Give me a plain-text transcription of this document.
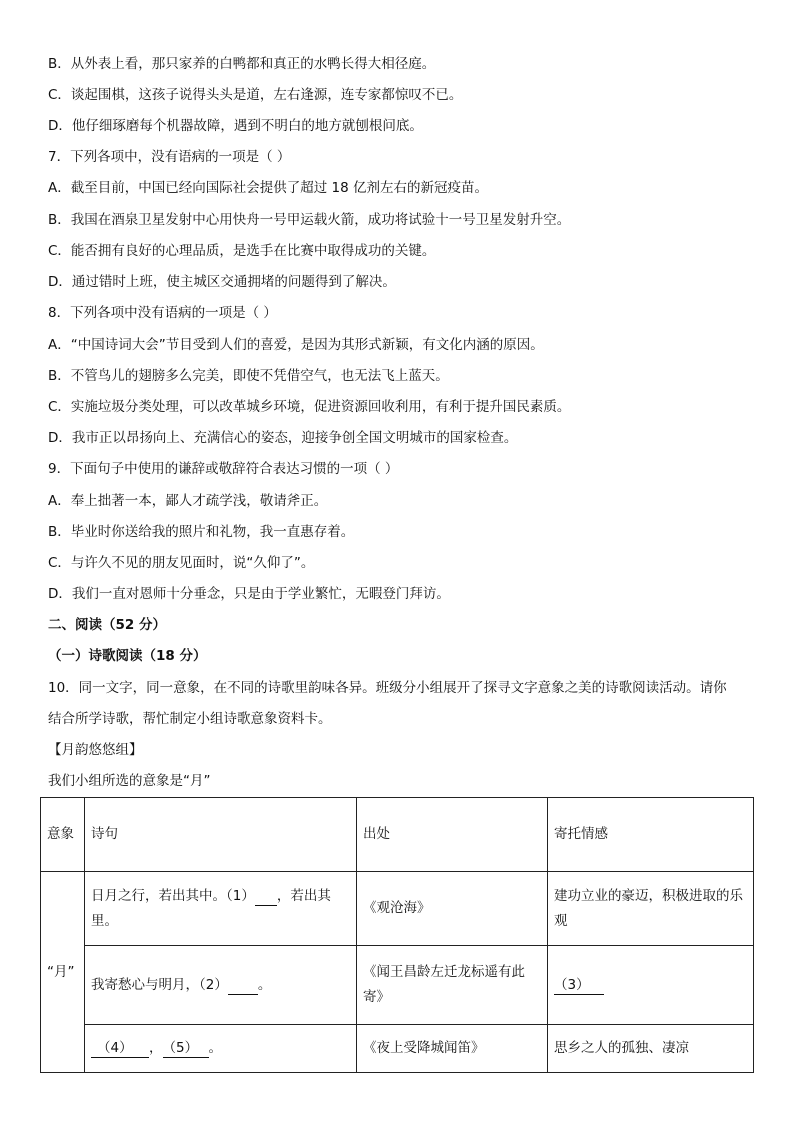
B．从外表上看，那只家养的白鸭都和真正的水鸭长得大相径庭。
C．谈起围棋，这孩子说得头头是道，左右逢源，连专家都惊叹不已。
D．他仔细琢磨每个机器故障，遇到不明白的地方就刨根问底。
7．下列各项中，没有语病的一项是（ ）
A．截至目前，中国已经向国际社会提供了超过 18 亿剂左右的新冠疫苗。
B．我国在酒泉卫星发射中心用快舟一号甲运载火箭，成功将试验十一号卫星发射升空。
C．能否拥有良好的心理品质，是选手在比赛中取得成功的关键。
D．通过错时上班，使主城区交通拥堵的问题得到了解决。
8．下列各项中没有语病的一项是（ ）
A．“中国诗词大会”节目受到人们的喜爱，是因为其形式新颖，有文化内涵的原因。
B．不管鸟儿的翅膀多么完美，即使不凭借空气，也无法飞上蓝天。
C．实施垃圾分类处理，可以改革城乡环境，促进资源回收利用，有利于提升国民素质。
D．我市正以昂扬向上、充满信心的姿态，迎接争创全国文明城市的国家检查。
9．下面句子中使用的谦辞或敬辞符合表达习惯的一项（ ）
A．奉上拙著一本，鄙人才疏学浅，敬请斧正。
B．毕业时你送给我的照片和礼物，我一直惠存着。
C．与许久不见的朋友见面时，说“久仰了”。
D．我们一直对恩师十分垂念，只是由于学业繁忙，无暇登门拜访。
二、阅读（52 分）
（一）诗歌阅读（18 分）
10．同一文字，同一意象，在不同的诗歌里韵味各异。班级分小组展开了探寻文字意象之美的诗歌阅读活动。请你
结合所学诗歌，帮忙制定小组诗歌意象资料卡。
【月韵悠悠组】
我们小组所选的意象是“月”
意象	诗句	出处	寄托情感
“月”	日月之行，若出其中。（1） ，若出其里。	《观沧海》	建功立业的豪迈，积极进取的乐观
	我寄愁心与明月，（2） 。	《闻王昌龄左迁龙标遥有此寄》	（3）
	（4） ，（5） 。	《夜上受降城闻笛》	思乡之人的孤独、凄凉
